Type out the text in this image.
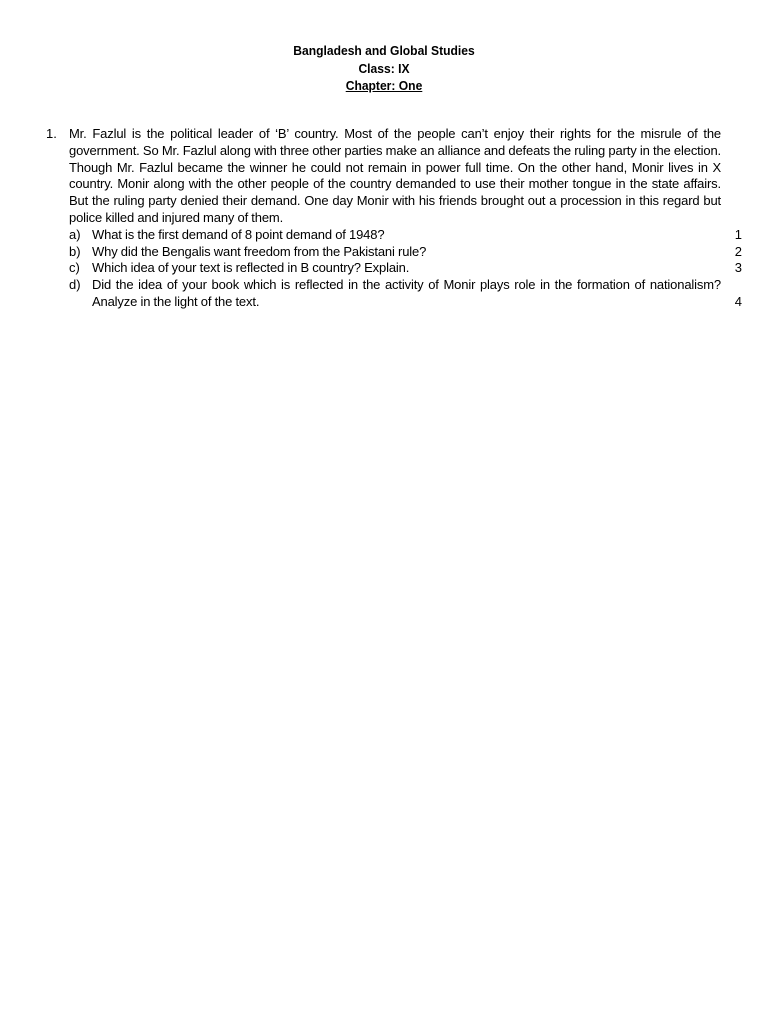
Bangladesh and Global Studies
Class: IX
Chapter: One
1. Mr. Fazlul is the political leader of ‘B’ country. Most of the people can’t enjoy their rights for the misrule of the government. So Mr. Fazlul along with three other parties make an alliance and defeats the ruling party in the election. Though Mr. Fazlul became the winner he could not remain in power full time. On the other hand, Monir lives in X country. Monir along with the other people of the country demanded to use their mother tongue in the state affairs. But the ruling party denied their demand. One day Monir with his friends brought out a procession in this regard but police killed and injured many of them.
a) What is the first demand of 8 point demand of 1948?	1
b) Why did the Bengalis want freedom from the Pakistani rule?	2
c) Which idea of your text is reflected in B country? Explain.	3
d) Did the idea of your book which is reflected in the activity of Monir plays role in the formation of nationalism? Analyze in the light of the text.	4
